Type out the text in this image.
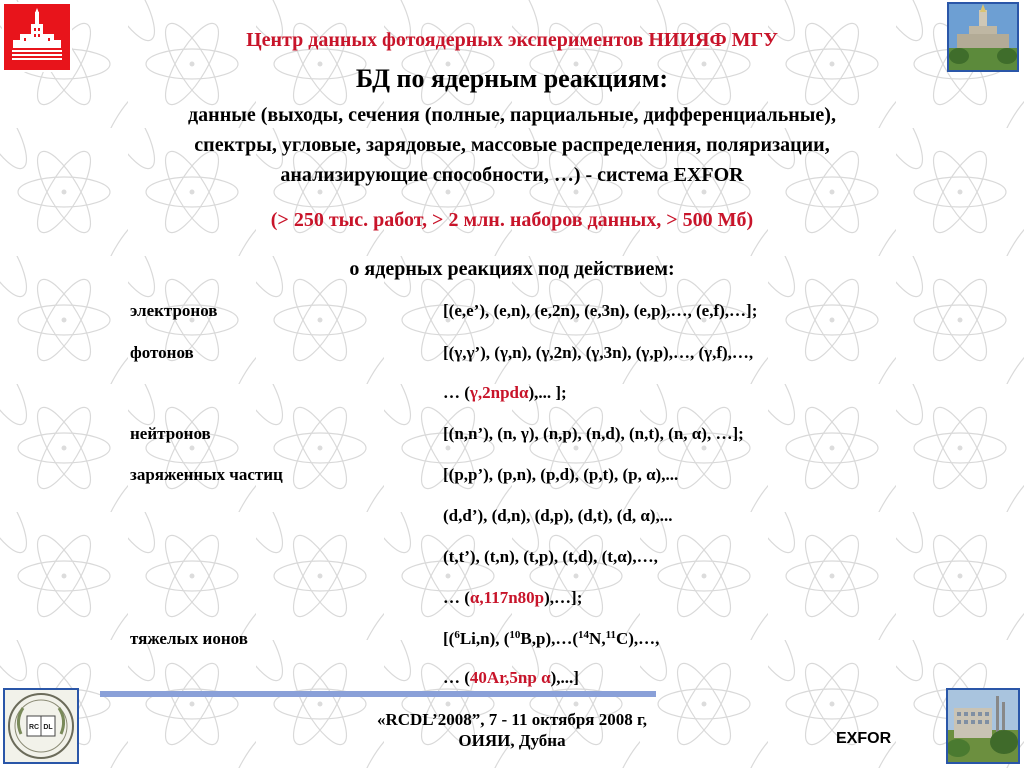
Центр данных фотоядерных экспериментов НИИЯФ МГУ
БД по ядерным реакциям:
данные (выходы, сечения (полные, парциальные, дифференциальные),
спектры, угловые, зарядовые, массовые распределения, поляризации,
анализирующие способности, …) - система EXFOR
(> 250 тыс. работ, > 2 млн. наборов данных, > 500 Мб)
о ядерных реакциях под действием:
электронов	[(e,e’), (e,n), (e,2n), (e,3n), (e,p),…, (e,f),…];
фотонов	[(γ,γ’), (γ,n), (γ,2n), (γ,3n), (γ,p),…, (γ,f),…,
… (γ,2npdα),... ];
нейтронов	[(n,n’), (n, γ), (n,p), (n,d), (n,t), (n, α), …];
заряженных частиц	[(p,p’), (p,n), (p,d), (p,t), (p, α),...
(d,d’), (d,n), (d,p), (d,t), (d, α),...
(t,t’), (t,n), (t,p), (t,d), (t,α),…,
… (α,117n80p),…];
тяжелых ионов	[($^6$Li,n), ($^{10}$B,p),…($^{14}$N,$^{11}$C),…,
… (40Ar,5np α),...]
RC DL	«RCDL’2008”, 7 - 11 октября 2008 г,
ОИЯИ, Дубна	EXFOR
